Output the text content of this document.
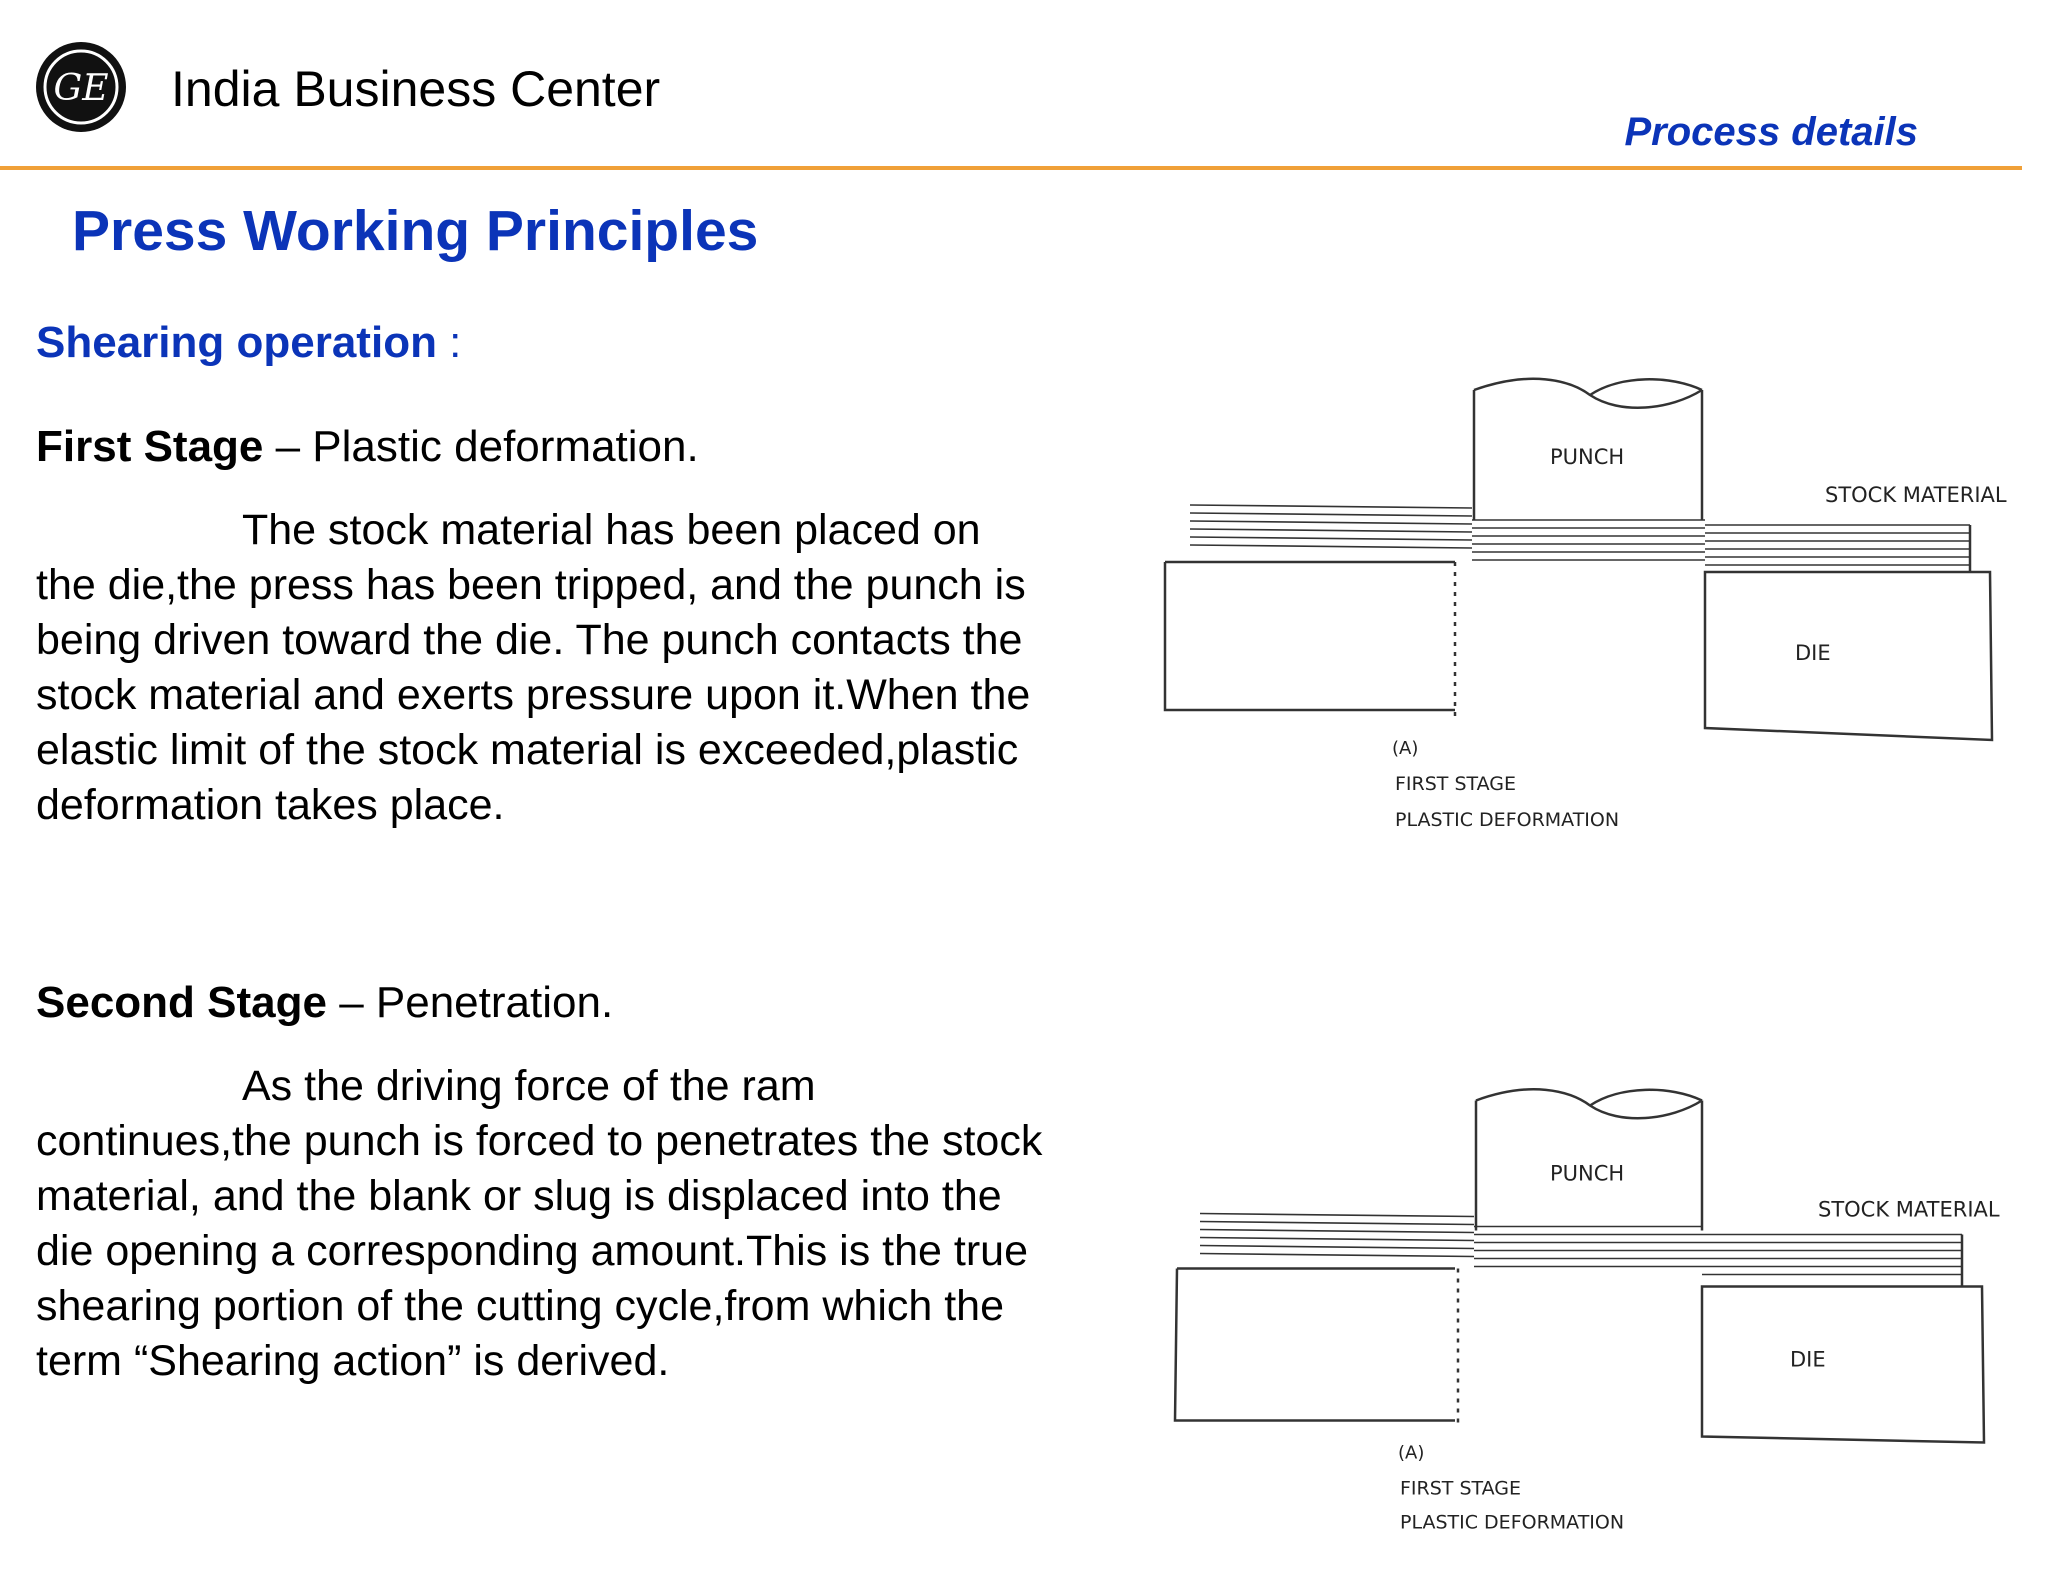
GE India Business Center
Process details
Press Working Principles
Shearing operation :
First Stage – Plastic deformation.

The stock material has been placed on the die,the press has been tripped, and the punch is being driven toward the die. The punch contacts the stock material and exerts pressure upon it.When the elastic limit of the stock material is exceeded,plastic deformation takes place.

Second Stage – Penetration.

As the driving force of the ram continues,the punch is forced to penetrates the stock material, and the blank or slug is displaced into the die opening a corresponding amount.This is the true shearing portion of the cutting cycle,from which the term “Shearing action” is derived.

PUNCH
STOCK MATERIAL
DIE
(A)
FIRST STAGE
PLASTIC DEFORMATION
PUNCH
STOCK MATERIAL
DIE
(A)
FIRST STAGE
PLASTIC DEFORMATION
